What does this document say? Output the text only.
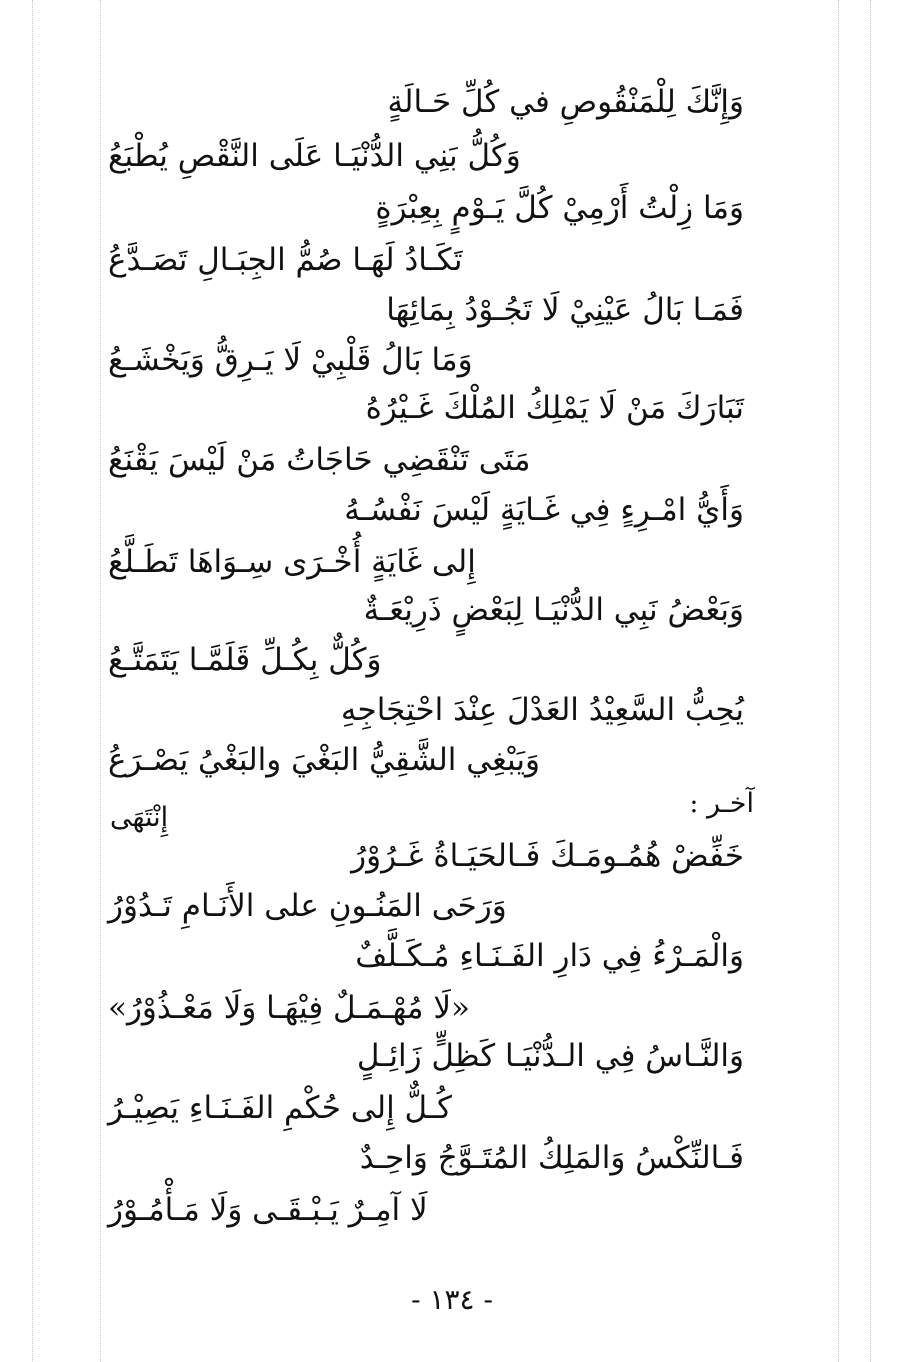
وَإِنَّكَ لِلْمَنْقُوصِ في كُلِّ حَـالَةٍ
وَكُلُّ بَنِي الدُّنْيَـا عَلَى النَّقْصِ يُطْبَعُ
وَمَا زِلْتُ أَرْمِيْ كُلَّ يَـوْمٍ بِعِبْرَةٍ
تَكَـادُ لَهَـا صُمُّ الجِبَـالِ تَصَـدَّعُ
فَمَـا بَالُ عَيْنِيْ لَا تَجُـوْدُ بِمَائِهَا
وَمَا بَالُ قَلْبِيْ لَا يَـرِقُّ وَيَخْشَـعُ
تَبَارَكَ مَنْ لَا يَمْلِكُ المُلْكَ غَـيْرُهُ
مَتَى تَنْقَضِي حَاجَاتُ مَنْ لَيْسَ يَقْنَعُ
وَأَيُّ امْـرِءٍ فِي غَـايَةٍ لَيْسَ نَفْسُـهُ
إِلى غَايَةٍ أُخْـرَى سِـوَاهَا تَطَـلَّعُ
وَبَعْضُ نَبِي الدُّنْيَـا لِبَعْضٍ ذَرِيْعَـةٌ
وَكُلٌّ بِكُـلِّ قَلَمَّـا يَتَمَتَّـعُ
يُحِبُّ السَّعِيْدُ العَدْلَ عِنْدَ احْتِجَاجِهِ
وَيَبْغِي الشَّقِيُّ البَغْيَ والبَغْيُ يَصْـرَعُ
آخـر :
إِنْتَهَى
خَفِّضْ هُمُـومَـكَ فَـالحَيَـاةُ غَـرُوْرُ
وَرَحَى المَنُـونِ على الأَنَـامِ تَـدُوْرُ
وَالْمَـرْءُ فِي دَارِ الفَـنَـاءِ مُـكَـلَّفٌ
«لَا مُهْـمَـلٌ فِيْهَـا وَلَا مَعْـذُوْرُ»
وَالنَّـاسُ فِي الـدُّنْيَـا كَظِلٍّ زَائِـلٍ
كُـلٌّ إِلى حُكْمِ الفَـنَـاءِ يَصِيْـرُ
فَـالنِّكْسُ وَالمَلِكُ المُتَـوَّجُ وَاحِـدٌ
لَا آمِـرٌ يَـبْـقَـى وَلَا مَـأْمُـوْرُ
- ١٣٤ -
